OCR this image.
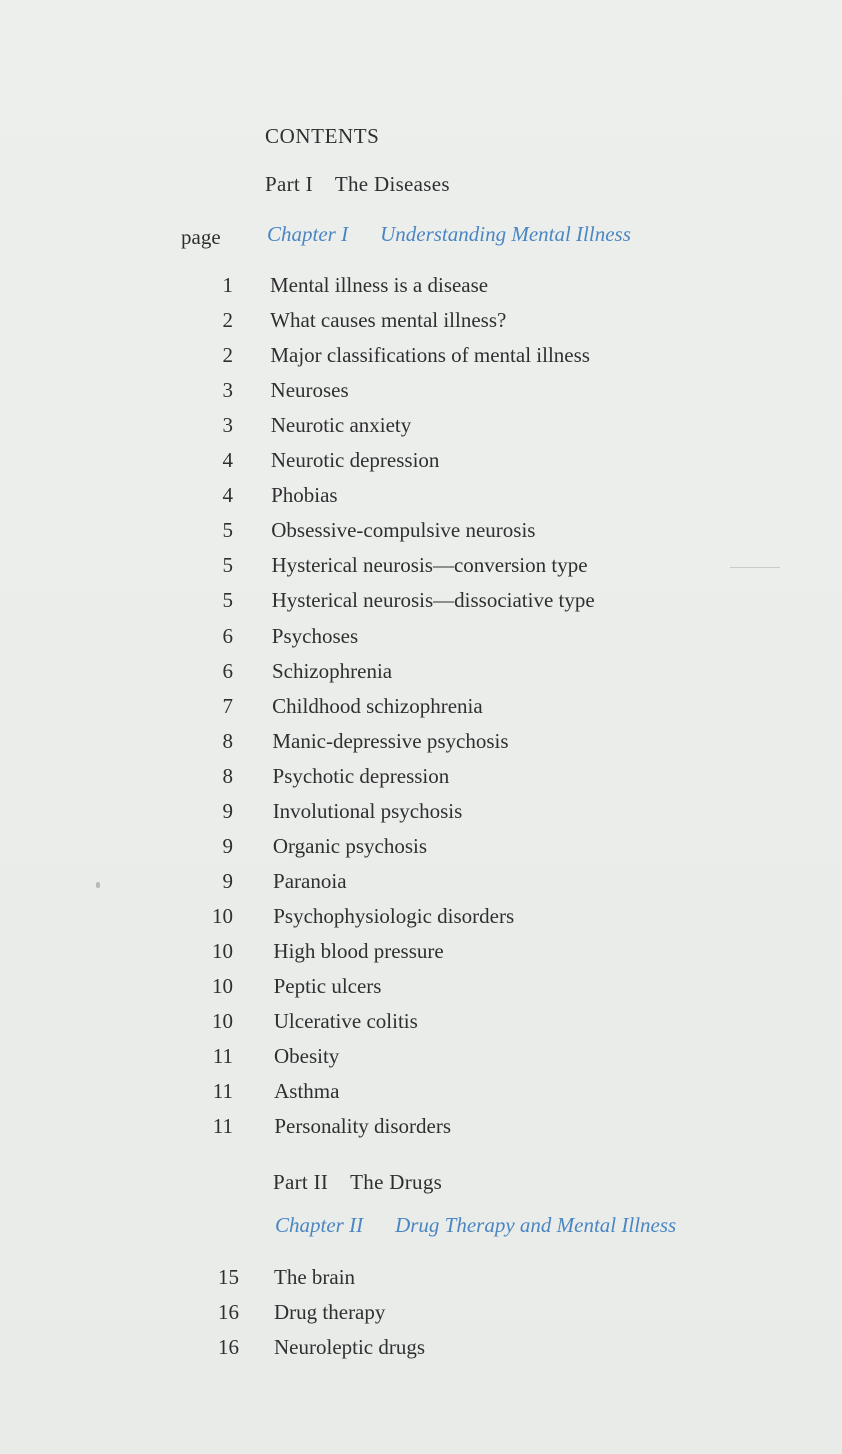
CONTENTS
Part I The Diseases
page Chapter I Understanding Mental Illness
1 Mental illness is a disease
2 What causes mental illness?
2 Major classifications of mental illness
3 Neuroses
3 Neurotic anxiety
4 Neurotic depression
4 Phobias
5 Obsessive-compulsive neurosis
5 Hysterical neurosis—conversion type
5 Hysterical neurosis—dissociative type
6 Psychoses
6 Schizophrenia
7 Childhood schizophrenia
8 Manic-depressive psychosis
8 Psychotic depression
9 Involutional psychosis
9 Organic psychosis
9 Paranoia
10 Psychophysiologic disorders
10 High blood pressure
10 Peptic ulcers
10 Ulcerative colitis
11 Obesity
11 Asthma
11 Personality disorders
Part II The Drugs
Chapter II Drug Therapy and Mental Illness
15 The brain
16 Drug therapy
16 Neuroleptic drugs
